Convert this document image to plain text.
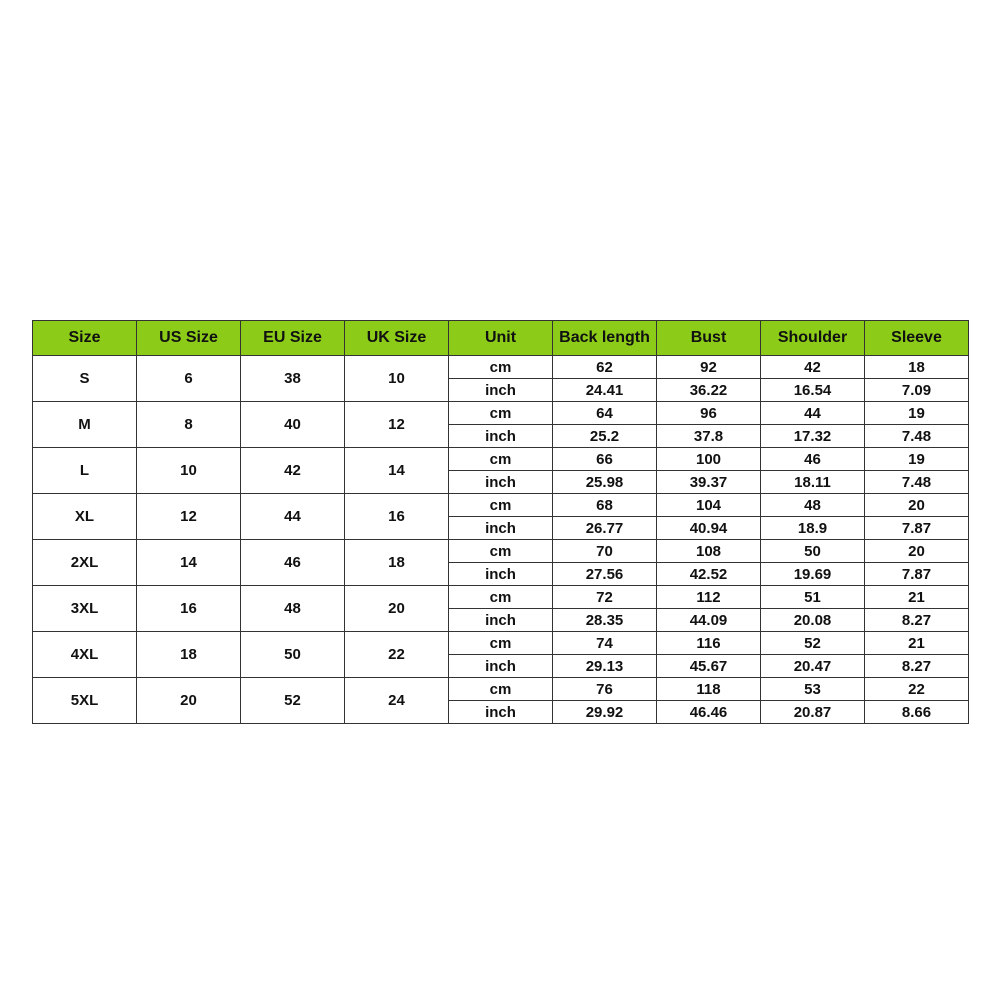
Size	US Size	EU Size	UK Size	Unit	Back length	Bust	Shoulder	Sleeve
S	6	38	10	cm	62	92	42	18
				inch	24.41	36.22	16.54	7.09
M	8	40	12	cm	64	96	44	19
				inch	25.2	37.8	17.32	7.48
L	10	42	14	cm	66	100	46	19
				inch	25.98	39.37	18.11	7.48
XL	12	44	16	cm	68	104	48	20
				inch	26.77	40.94	18.9	7.87
2XL	14	46	18	cm	70	108	50	20
				inch	27.56	42.52	19.69	7.87
3XL	16	48	20	cm	72	112	51	21
				inch	28.35	44.09	20.08	8.27
4XL	18	50	22	cm	74	116	52	21
				inch	29.13	45.67	20.47	8.27
5XL	20	52	24	cm	76	118	53	22
				inch	29.92	46.46	20.87	8.66
